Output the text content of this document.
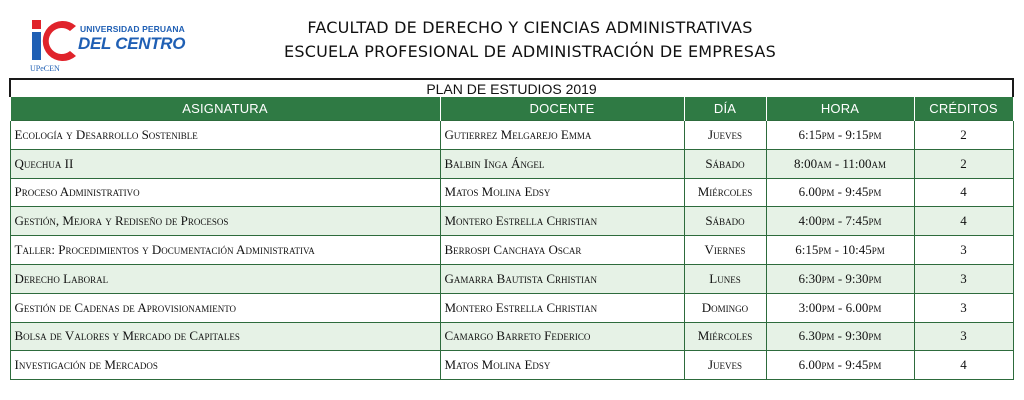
UNIVERSIDAD PERUANA
DEL CENTRO
UPeCEN
FACULTAD DE DERECHO Y CIENCIAS ADMINISTRATIVAS
ESCUELA PROFESIONAL DE ADMINISTRACIÓN DE EMPRESAS
PLAN DE ESTUDIOS 2019				
ASIGNATURA	DOCENTE	DÍA	HORA	CRÉDITOS
Ecología y Desarrollo Sostenible	Gutierrez Melgarejo Emma	Jueves	6:15pm - 9:15pm	2
Quechua II	Balbin Inga Ángel	Sábado	8:00am - 11:00am	2
Proceso Administrativo	Matos Molina Edsy	Miércoles	6.00pm - 9:45pm	4
Gestión, Mejora y Rediseño de Procesos	Montero Estrella Christian	Sábado	4:00pm - 7:45pm	4
Taller: Procedimientos y Documentación Administrativa	Berrospi Canchaya Oscar	Viernes	6:15pm - 10:45pm	3
Derecho Laboral	Gamarra Bautista Crhistian	Lunes	6:30pm - 9:30pm	3
Gestión de Cadenas de Aprovisionamiento	Montero Estrella Christian	Domingo	3:00pm - 6.00pm	3
Bolsa de Valores y Mercado de Capitales	Camargo Barreto Federico	Miércoles	6.30pm - 9:30pm	3
Investigación de Mercados	Matos Molina Edsy	Jueves	6.00pm - 9:45pm	4
